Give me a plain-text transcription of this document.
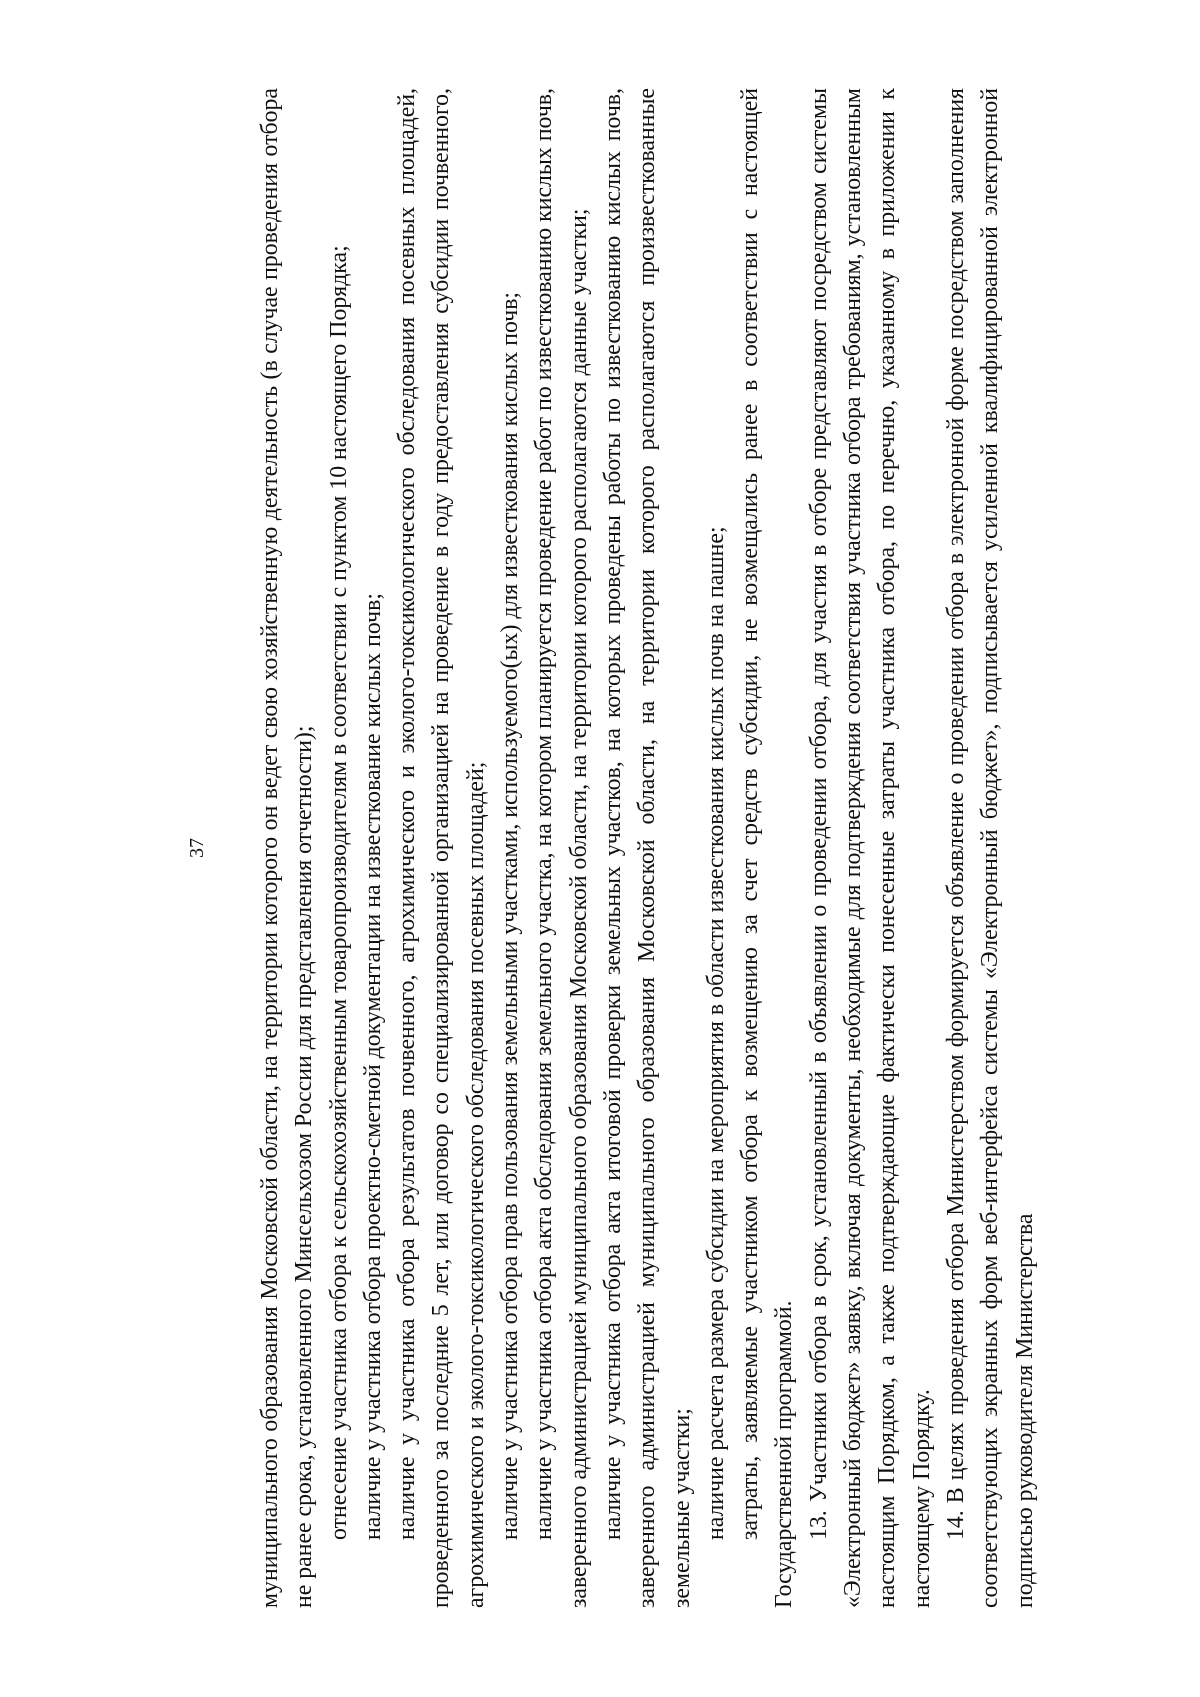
37 муниципального образования Московской области, на территории которого он ведет свою хозяйственную деятельность (в случае проведения отбора не ранее срока, установленного Минсельхозом России для представления отчетности); отнесение участника отбора к сельскохозяйственным товаропроизводителям в соответствии с пунктом 10 настоящего Порядка; наличие у участника отбора проектно-сметной документации на известкование кислых почв; наличие у участника отбора результатов почвенного, агрохимического и эколого-токсикологического обследования посевных площадей, проведенного за последние 5 лет, или договор со специализированной организацией на проведение в году предоставления субсидии почвенного, агрохимического и эколого-токсикологического обследования посевных площадей; наличие у участника отбора прав пользования земельными участками, используемого(ых) для известкования кислых почв; наличие у участника отбора акта обследования земельного участка, на котором планируется проведение работ по известкованию кислых почв, заверенного администрацией муниципального образования Московской области, на территории которого располагаются данные участки; наличие у участника отбора акта итоговой проверки земельных участков, на которых проведены работы по известкованию кислых почв, заверенного администрацией муниципального образования Московской области, на территории которого располагаются произвесткованные земельные участки; наличие расчета размера субсидии на мероприятия в области известкования кислых почв на пашне; затраты, заявляемые участником отбора к возмещению за счет средств субсидии, не возмещались ранее в соответствии с настоящей Государственной программой. 13. Участники отбора в срок, установленный в объявлении о проведении отбора, для участия в отборе представляют посредством системы «Электронный бюджет» заявку, включая документы, необходимые для подтверждения соответствия участника отбора требованиям, установленным настоящим Порядком, а также подтверждающие фактически понесенные затраты участника отбора, по перечню, указанному в приложении к настоящему Порядку. 14. В целях проведения отбора Министерством формируется объявление о проведении отбора в электронной форме посредством заполнения соответствующих экранных форм веб-интерфейса системы «Электронный бюджет», подписывается усиленной квалифицированной электронной подписью руководителя Министерства
